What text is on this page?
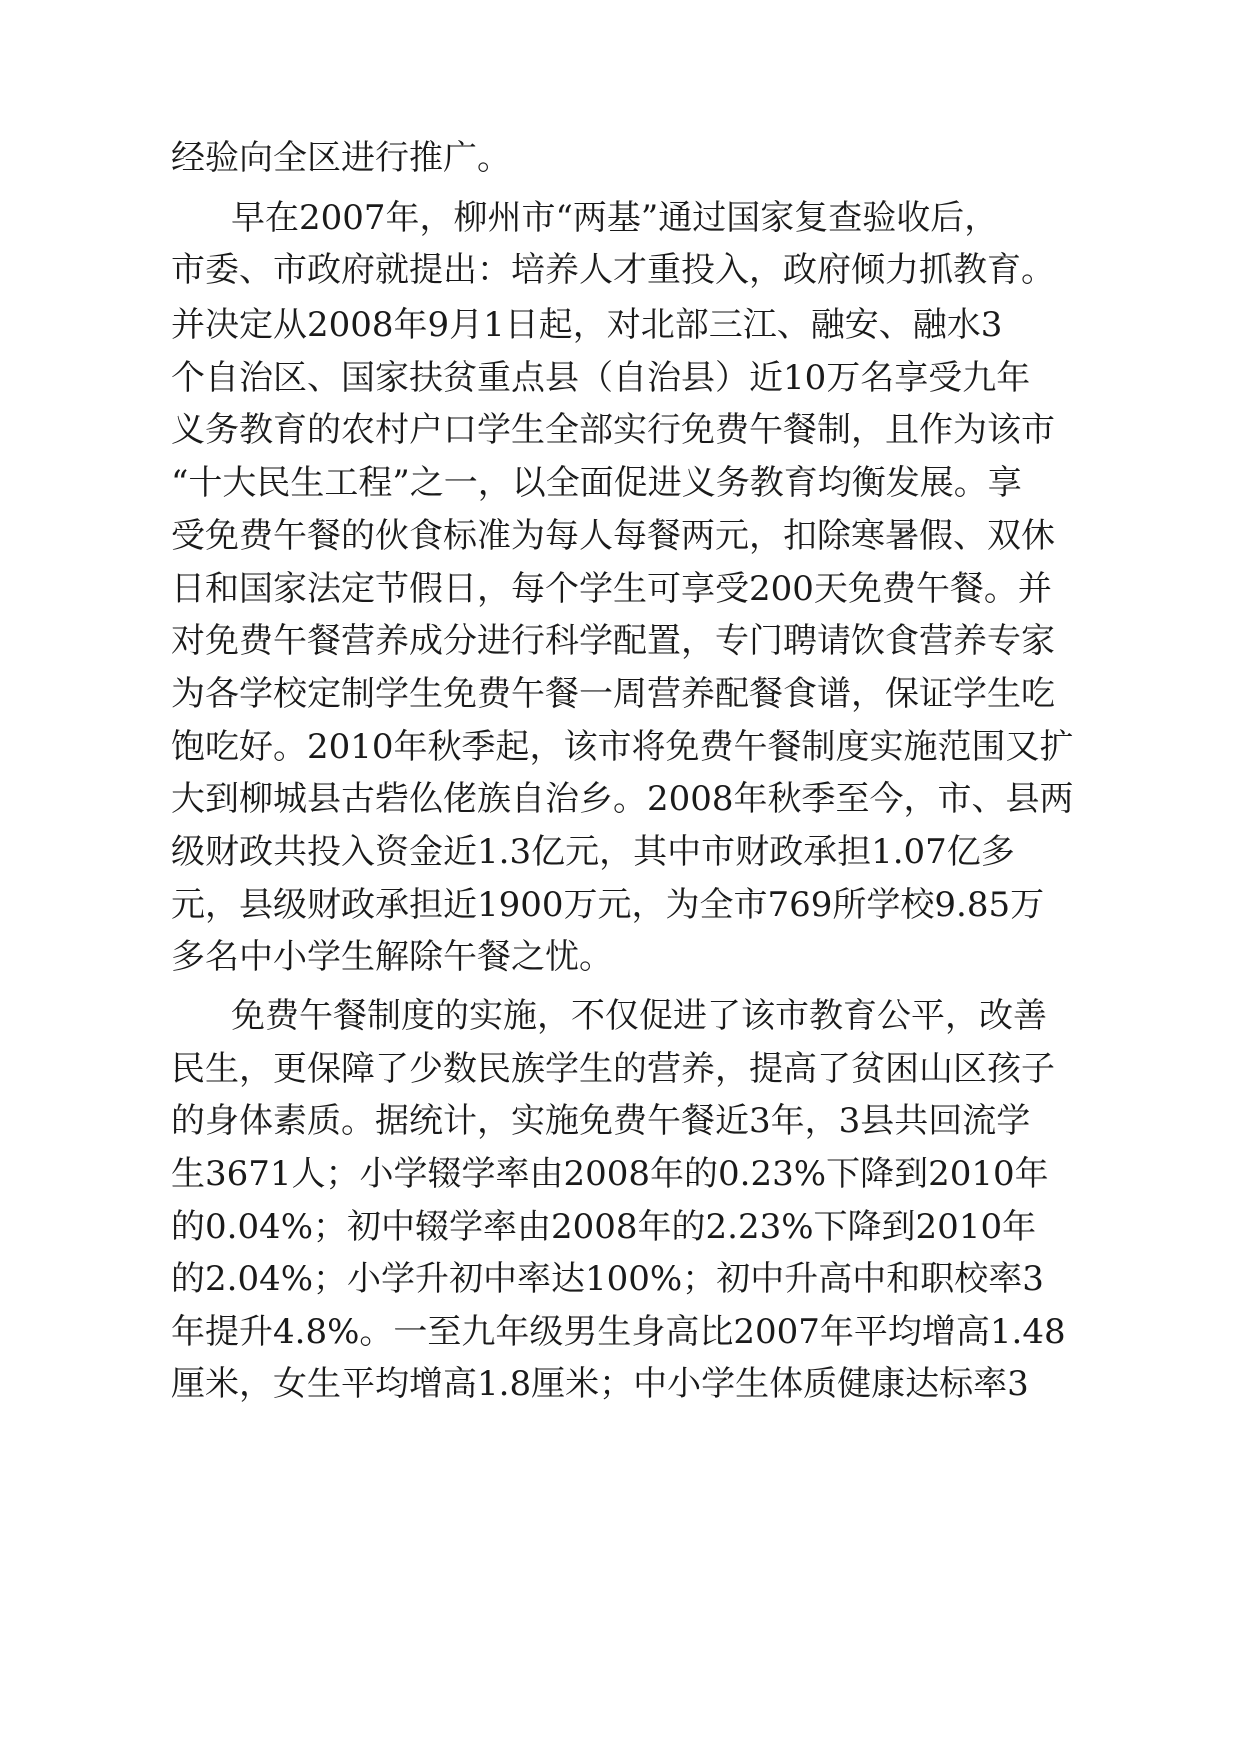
经验向全区进行推广。
早在2007年，柳州市“两基”通过国家复查验收后，
市委、市政府就提出：培养人才重投入，政府倾力抓教育。
并决定从2008年9月1日起，对北部三江、融安、融水3
个自治区、国家扶贫重点县（自治县）近10万名享受九年
义务教育的农村户口学生全部实行免费午餐制，且作为该市
“十大民生工程”之一，以全面促进义务教育均衡发展。享
受免费午餐的伙食标准为每人每餐两元，扣除寒暑假、双休
日和国家法定节假日，每个学生可享受200天免费午餐。并
对免费午餐营养成分进行科学配置，专门聘请饮食营养专家
为各学校定制学生免费午餐一周营养配餐食谱，保证学生吃
饱吃好。2010年秋季起，该市将免费午餐制度实施范围又扩
大到柳城县古砦仫佬族自治乡。2008年秋季至今，市、县两
级财政共投入资金近1.3亿元，其中市财政承担1.07亿多
元，县级财政承担近1900万元，为全市769所学校9.85万
多名中小学生解除午餐之忧。
免费午餐制度的实施，不仅促进了该市教育公平，改善
民生，更保障了少数民族学生的营养，提高了贫困山区孩子
的身体素质。据统计，实施免费午餐近3年，3县共回流学
生3671人；小学辍学率由2008年的0.23%下降到2010年
的0.04%；初中辍学率由2008年的2.23%下降到2010年
的2.04%；小学升初中率达100%；初中升高中和职校率3
年提升4.8%。一至九年级男生身高比2007年平均增高1.48
厘米，女生平均增高1.8厘米；中小学生体质健康达标率3
